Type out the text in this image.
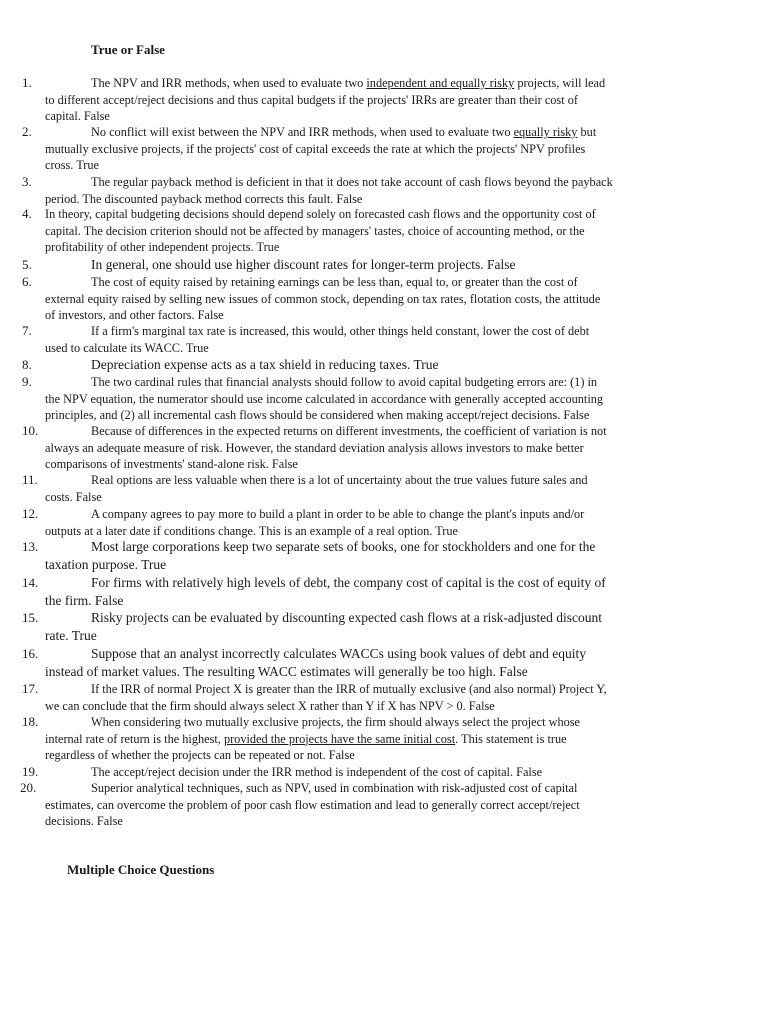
True or False
1.	The NPV and IRR methods, when used to evaluate two independent and equally risky projects, will lead
to different accept/reject decisions and thus capital budgets if the projects' IRRs are greater than their cost of
capital. False
2.	No conflict will exist between the NPV and IRR methods, when used to evaluate two equally risky but
mutually exclusive projects, if the projects' cost of capital exceeds the rate at which the projects' NPV profiles
cross. True
3.	The regular payback method is deficient in that it does not take account of cash flows beyond the payback
period. The discounted payback method corrects this fault. False
4.	In theory, capital budgeting decisions should depend solely on forecasted cash flows and the opportunity cost of
capital. The decision criterion should not be affected by managers' tastes, choice of accounting method, or the
profitability of other independent projects. True
5.	In general, one should use higher discount rates for longer-term projects. False
6.	The cost of equity raised by retaining earnings can be less than, equal to, or greater than the cost of
external equity raised by selling new issues of common stock, depending on tax rates, flotation costs, the attitude
of investors, and other factors. False
7.	If a firm's marginal tax rate is increased, this would, other things held constant, lower the cost of debt
used to calculate its WACC. True
8.	Depreciation expense acts as a tax shield in reducing taxes. True
9.	The two cardinal rules that financial analysts should follow to avoid capital budgeting errors are: (1) in
the NPV equation, the numerator should use income calculated in accordance with generally accepted accounting
principles, and (2) all incremental cash flows should be considered when making accept/reject decisions. False
10.	Because of differences in the expected returns on different investments, the coefficient of variation is not
always an adequate measure of risk. However, the standard deviation analysis allows investors to make better
comparisons of investments' stand-alone risk. False
11.	Real options are less valuable when there is a lot of uncertainty about the true values future sales and
costs. False
12.	A company agrees to pay more to build a plant in order to be able to change the plant's inputs and/or
outputs at a later date if conditions change. This is an example of a real option. True
13.	Most large corporations keep two separate sets of books, one for stockholders and one for the
taxation purpose. True
14.	For firms with relatively high levels of debt, the company cost of capital is the cost of equity of
the firm. False
15.	Risky projects can be evaluated by discounting expected cash flows at a risk-adjusted discount
rate. True
16.	Suppose that an analyst incorrectly calculates WACCs using book values of debt and equity
instead of market values. The resulting WACC estimates will generally be too high. False
17.	If the IRR of normal Project X is greater than the IRR of mutually exclusive (and also normal) Project Y,
we can conclude that the firm should always select X rather than Y if X has NPV > 0. False
18.	When considering two mutually exclusive projects, the firm should always select the project whose
internal rate of return is the highest, provided the projects have the same initial cost. This statement is true
regardless of whether the projects can be repeated or not. False
19.	The accept/reject decision under the IRR method is independent of the cost of capital. False
20.	Superior analytical techniques, such as NPV, used in combination with risk-adjusted cost of capital
estimates, can overcome the problem of poor cash flow estimation and lead to generally correct accept/reject
decisions. False
Multiple Choice Questions
